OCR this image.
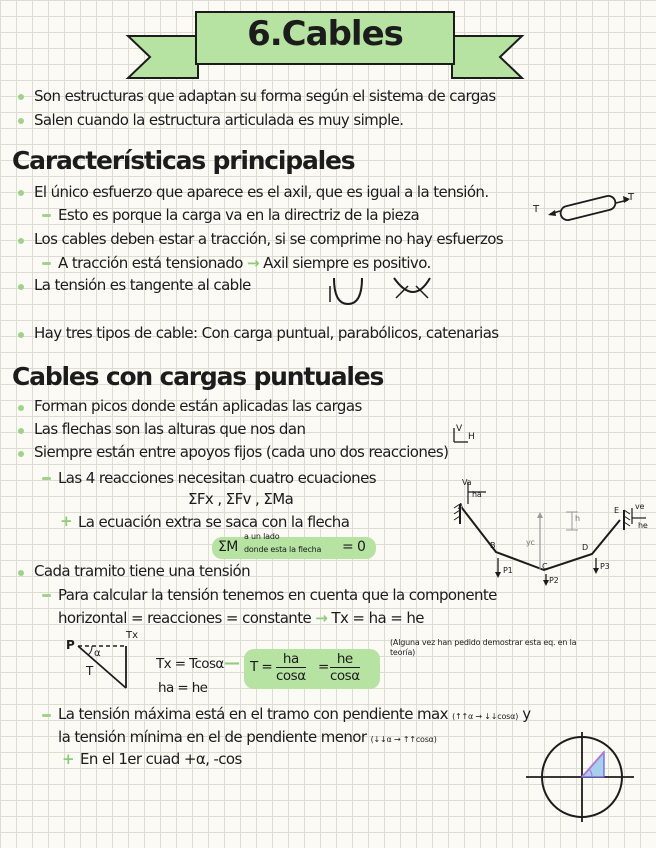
6.Cables
Son estructuras que adaptan su forma según el sistema de cargas
Salen cuando la estructura articulada es muy simple.
Características principales
El único esfuerzo que aparece es el axil, que es igual a la tensión.
Esto es porque la carga va en la directriz de la pieza	T
T
Los cables deben estar a tracción, si se comprime no hay esfuerzos
A tracción está tensionado → Axil siempre es positivo.
La tensión es tangente al cable
Hay tres tipos de cable: Con carga puntual, parabólicos, catenarias
Cables con cargas puntuales
Forman picos donde están aplicadas las cargas
Las flechas son las alturas que nos dan	V
H
Siempre están entre apoyos fijos (cada uno dos reacciones)
Las 4 reacciones necesitan cuatro ecuaciones
ΣFx , ΣFv , ΣMa
+ La ecuación extra se saca con la flecha
ΣM
a un lado
donde esta la flecha = 0
Va
ha
A
B
C
D
E
P1
P2
P3
yc
h
ve
he
Cada tramito tiene una tensión
Para calcular la tensión tenemos en cuenta que la componente
horizontal = reacciones = constante → Tx = ha = he
P
α
T
Tx
Tx = Tcosα
ha = he
— $T = \frac{ha}{\cos\alpha} = \frac{he}{\cos\alpha}$
(Alguna vez han pedido demostrar esta eq. en la teoría)
La tensión máxima está en el tramo con pendiente max (↑↑α → ↓↓cosα) y
la tensión mínima en el de pendiente menor (↓↓α → ↑↑cosα)
+ En el 1er cuad +α, -cos
